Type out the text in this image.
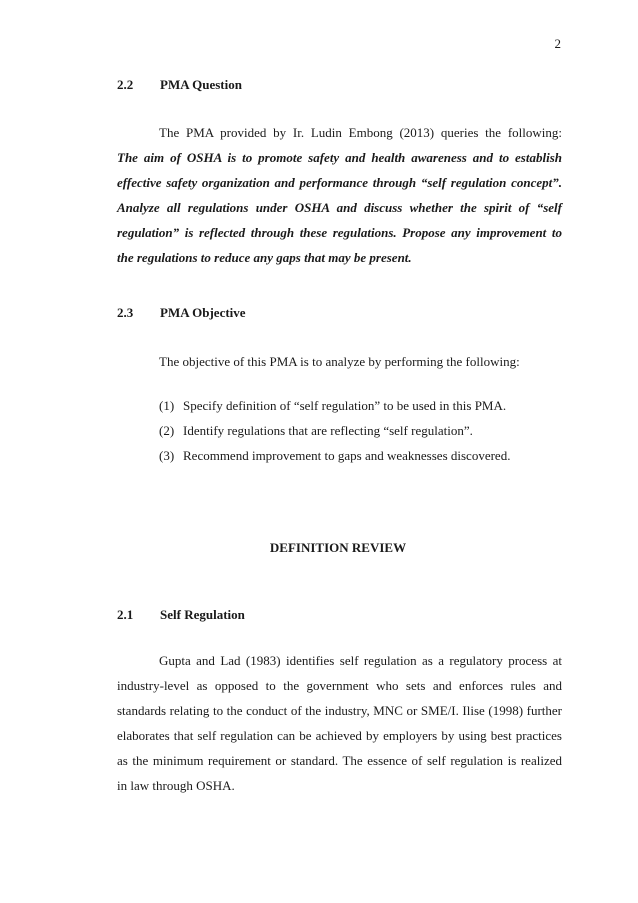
2
2.2 PMA Question
The PMA provided by Ir. Ludin Embong (2013) queries the following:
The aim of OSHA is to promote safety and health awareness and to establish
effective safety organization and performance through “self regulation concept”.
Analyze all regulations under OSHA and discuss whether the spirit of “self
regulation” is reflected through these regulations. Propose any improvement to
the regulations to reduce any gaps that may be present.
2.3 PMA Objective
The objective of this PMA is to analyze by performing the following:
(1) Specify definition of “self regulation” to be used in this PMA.
(2) Identify regulations that are reflecting “self regulation”.
(3) Recommend improvement to gaps and weaknesses discovered.
DEFINITION REVIEW
2.1 Self Regulation
Gupta and Lad (1983) identifies self regulation as a regulatory process at
industry-level as opposed to the government who sets and enforces rules and
standards relating to the conduct of the industry, MNC or SME/I. Ilise (1998) further
elaborates that self regulation can be achieved by employers by using best practices
as the minimum requirement or standard. The essence of self regulation is realized
in law through OSHA.
